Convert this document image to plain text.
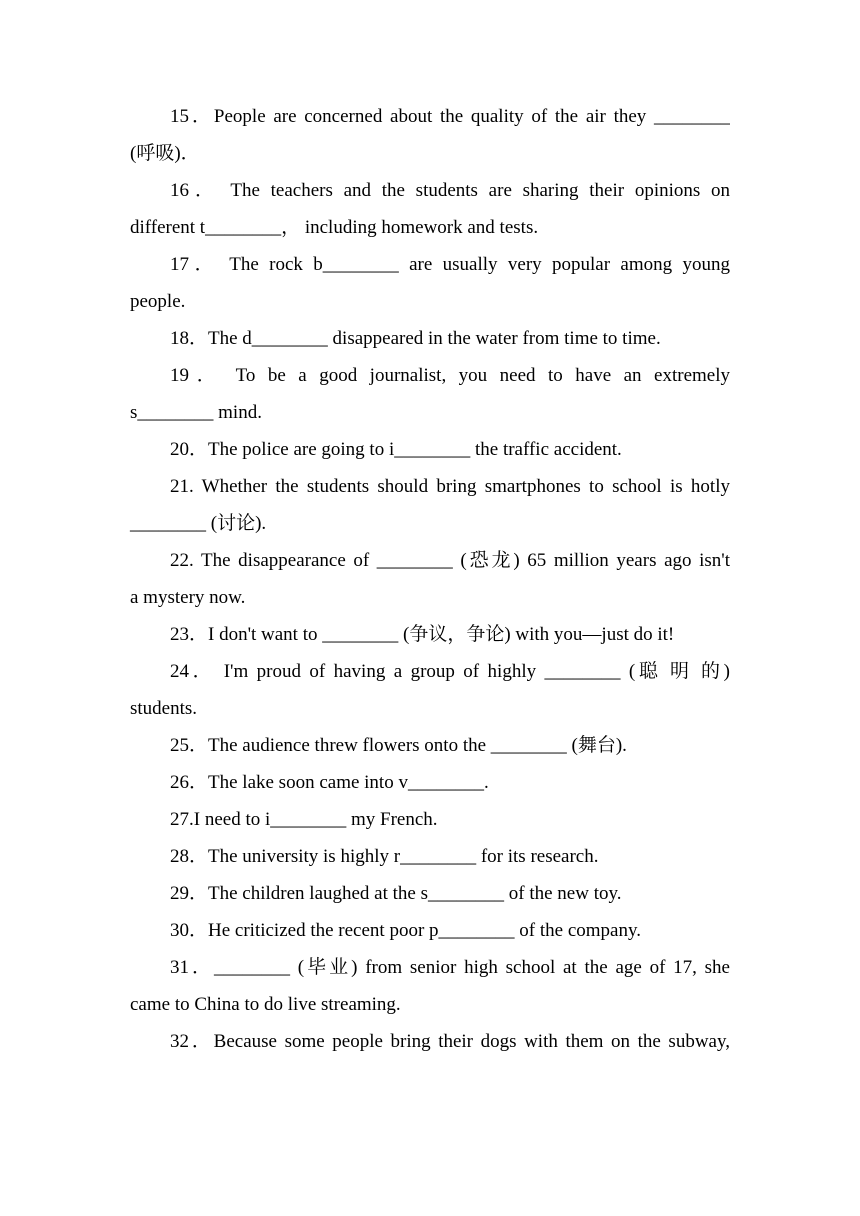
15．People are concerned about the quality of the air they ________
(呼吸)．
16． The teachers and the students are sharing their opinions on
different t________， including homework and tests.
17． The rock b________ are usually very popular among young
people.
18．The d________ disappeared in the water from time to time.
19． To be a good journalist, you need to have an extremely
s________ mind.
20．The police are going to i________ the traffic accident.
21. Whether the students should bring smartphones to school is hotly
________ (讨论).
22. The disappearance of ________ (恐龙) 65 million years ago isn't
a mystery now.
23．I don't want to ________ (争议，争论) with you—just do it!
24． I'm proud of having a group of highly ________ (聪 明 的)
students.
25．The audience threw flowers onto the ________ (舞台).
26．The lake soon came into v________.
27.I need to i________ my French.
28．The university is highly r________ for its research.
29．The children laughed at the s________ of the new toy.
30．He criticized the recent poor p________ of the company.
31．________ (毕业) from senior high school at the age of 17, she
came to China to do live streaming.
32．Because some people bring their dogs with them on the subway,
